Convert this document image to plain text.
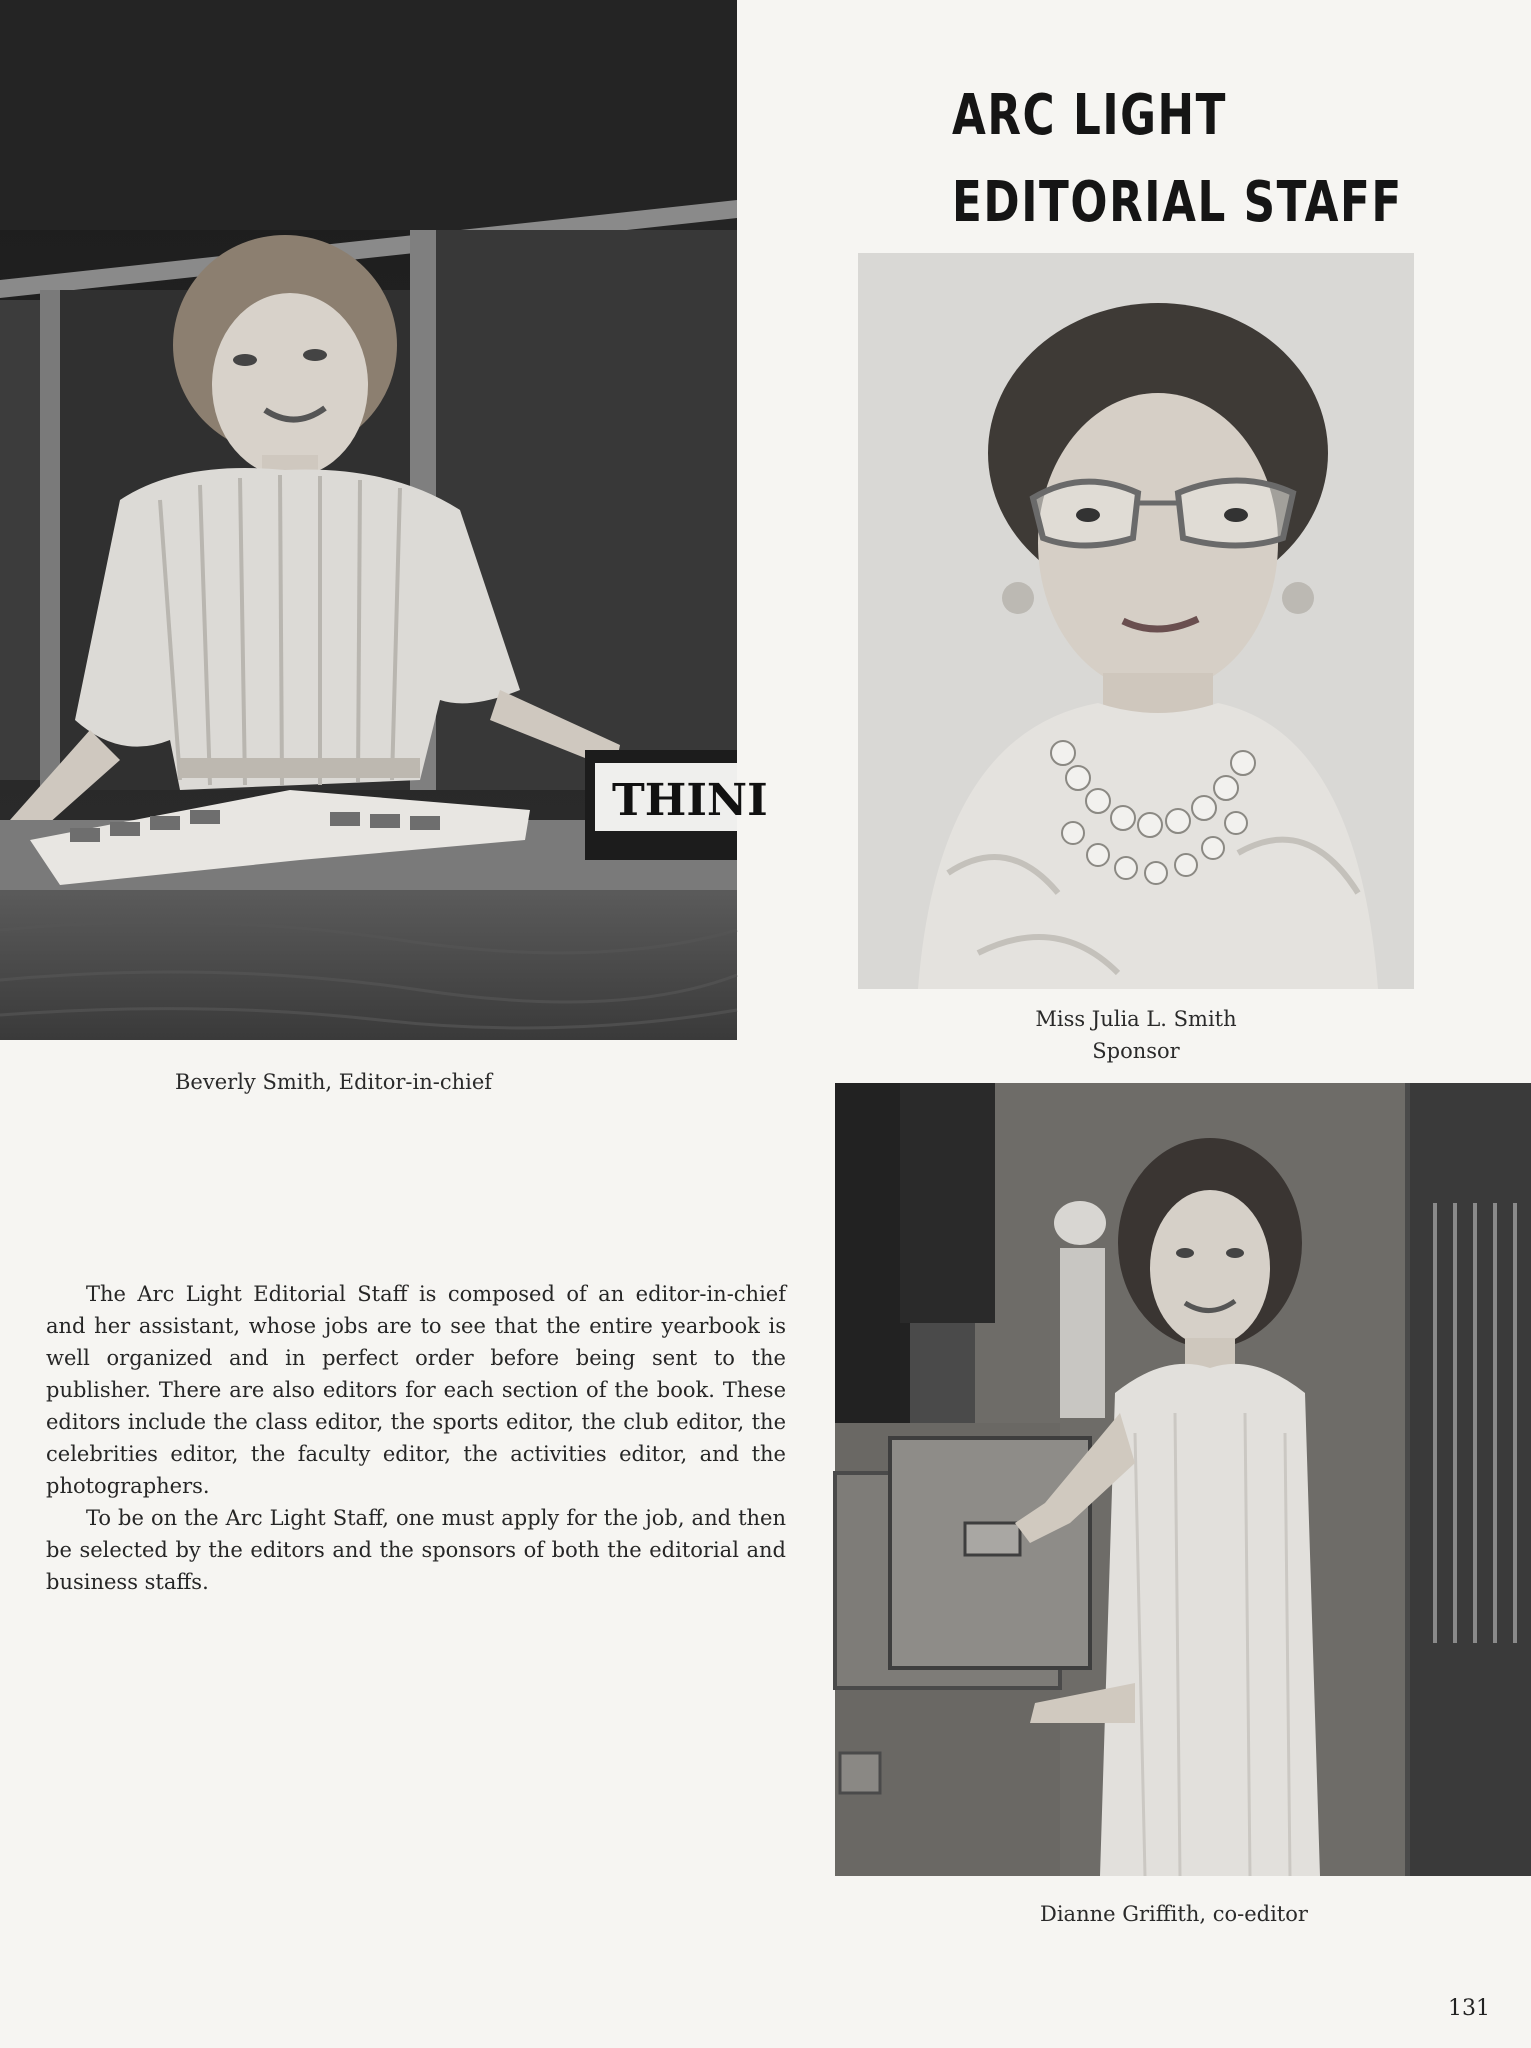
ARC LIGHT
EDITORIAL STAFF
THINI
Beverly Smith, Editor-in-chief
Miss Julia L. Smith
Sponsor
Dianne Griffith, co-editor

The Arc Light Editorial Staff is composed of an editor-in-chief and her assistant, whose jobs are to see that the entire yearbook is well organized and in perfect order before being sent to the publisher. There are also editors for each section of the book. These editors include the class editor, the sports editor, the club editor, the celebrities editor, the faculty editor, the activities editor, and the photographers.

To be on the Arc Light Staff, one must apply for the job, and then be selected by the editors and the sponsors of both the editorial and business staffs.

131
